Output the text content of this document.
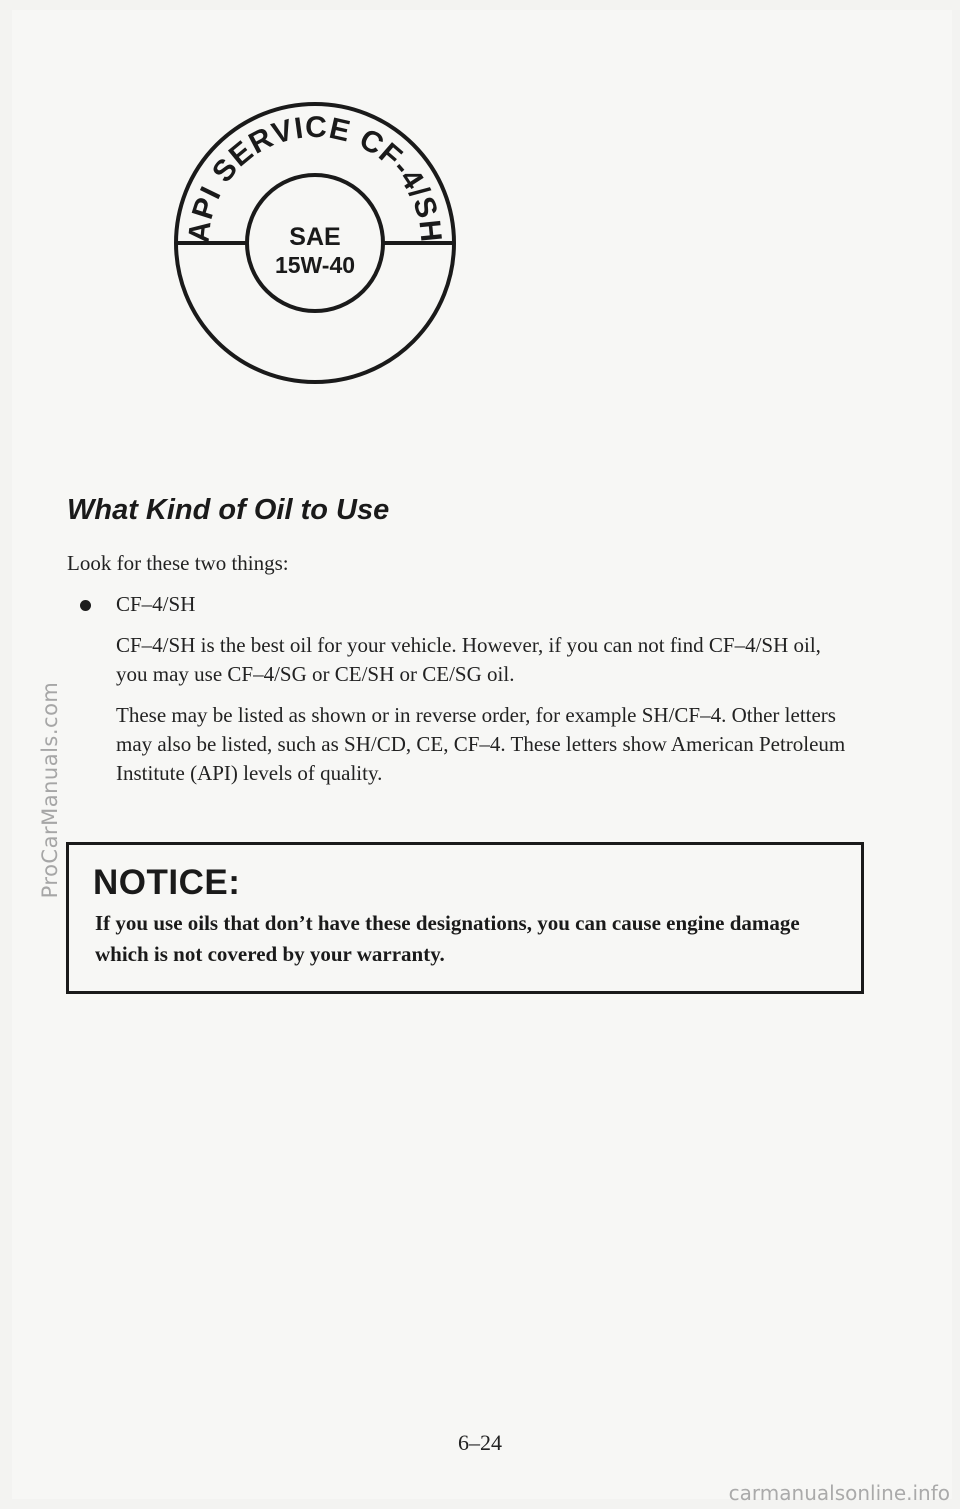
API SERVICE CF-4/SH
SAE
15W-40
What Kind of Oil to Use

Look for these two things:

CF–4/SH

CF–4/SH is the best oil for your vehicle. However, if you can not find CF–4/SH oil, you may use CF–4/SG or CE/SH or CE/SG oil.

These may be listed as shown or in reverse order, for example SH/CF–4. Other letters may also be listed, such as SH/CD, CE, CF–4. These letters show American Petroleum Institute (API) levels of quality.

NOTICE:

If you use oils that don’t have these designations, you can cause engine damage which is not covered by your warranty.

6–24
ProCarManuals.com
carmanualsonline.info
